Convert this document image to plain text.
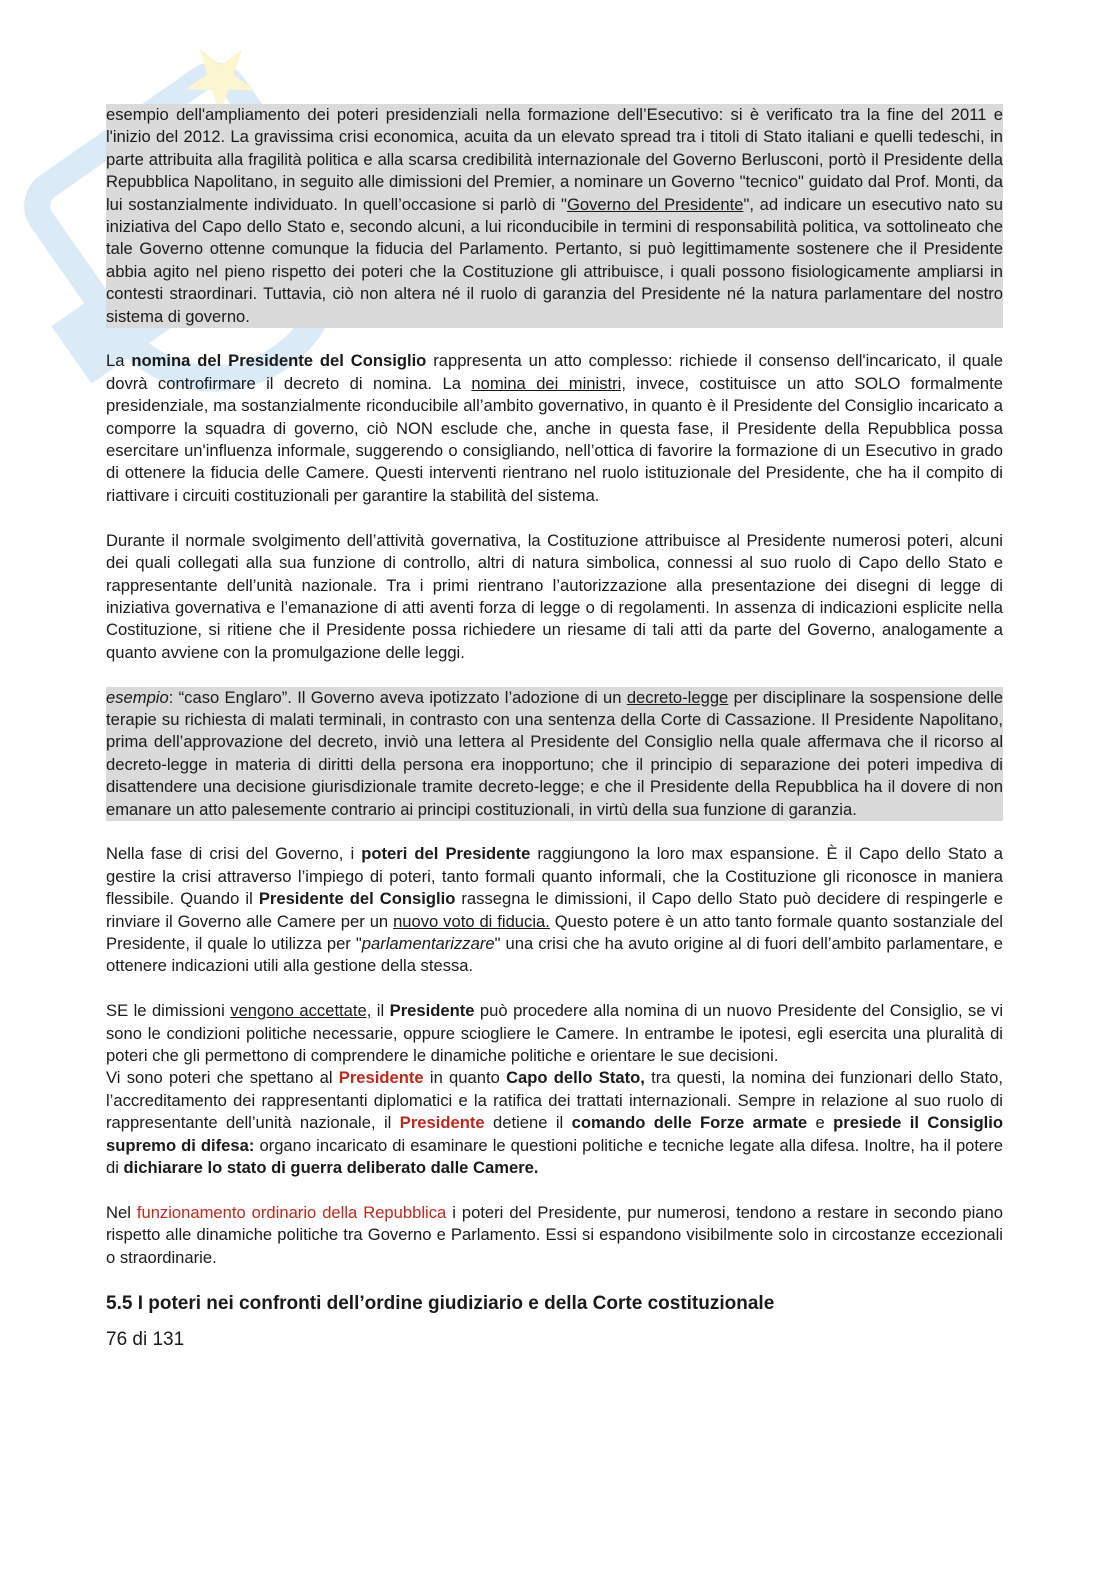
★

esempio dell'ampliamento dei poteri presidenziali nella formazione dell’Esecutivo: si è verificato tra la fine del 2011 e l'inizio del 2012. La gravissima crisi economica, acuita da un elevato spread tra i titoli di Stato italiani e quelli tedeschi, in parte attribuita alla fragilità politica e alla scarsa credibilità internazionale del Governo Berlusconi, portò il Presidente della Repubblica Napolitano, in seguito alle dimissioni del Premier, a nominare un Governo "tecnico" guidato dal Prof. Monti, da lui sostanzialmente individuato. In quell’occasione si parlò di "Governo del Presidente", ad indicare un esecutivo nato su iniziativa del Capo dello Stato e, secondo alcuni, a lui riconducibile in termini di responsabilità politica, va sottolineato che tale Governo ottenne comunque la fiducia del Parlamento. Pertanto, si può legittimamente sostenere che il Presidente abbia agito nel pieno rispetto dei poteri che la Costituzione gli attribuisce, i quali possono fisiologicamente ampliarsi in contesti straordinari. Tuttavia, ciò non altera né il ruolo di garanzia del Presidente né la natura parlamentare del nostro sistema di governo.

La nomina del Presidente del Consiglio rappresenta un atto complesso: richiede il consenso dell'incaricato, il quale dovrà controfirmare il decreto di nomina. La nomina dei ministri, invece, costituisce un atto SOLO formalmente presidenziale, ma sostanzialmente riconducibile all’ambito governativo, in quanto è il Presidente del Consiglio incaricato a comporre la squadra di governo, ciò NON esclude che, anche in questa fase, il Presidente della Repubblica possa esercitare un'influenza informale, suggerendo o consigliando, nell’ottica di favorire la formazione di un Esecutivo in grado di ottenere la fiducia delle Camere. Questi interventi rientrano nel ruolo istituzionale del Presidente, che ha il compito di riattivare i circuiti costituzionali per garantire la stabilità del sistema.

Durante il normale svolgimento dell’attività governativa, la Costituzione attribuisce al Presidente numerosi poteri, alcuni dei quali collegati alla sua funzione di controllo, altri di natura simbolica, connessi al suo ruolo di Capo dello Stato e rappresentante dell’unità nazionale. Tra i primi rientrano l’autorizzazione alla presentazione dei disegni di legge di iniziativa governativa e l’emanazione di atti aventi forza di legge o di regolamenti. In assenza di indicazioni esplicite nella Costituzione, si ritiene che il Presidente possa richiedere un riesame di tali atti da parte del Governo, analogamente a quanto avviene con la promulgazione delle leggi.

esempio: “caso Englaro”. Il Governo aveva ipotizzato l’adozione di un decreto-legge per disciplinare la sospensione delle terapie su richiesta di malati terminali, in contrasto con una sentenza della Corte di Cassazione. Il Presidente Napolitano, prima dell’approvazione del decreto, inviò una lettera al Presidente del Consiglio nella quale affermava che il ricorso al decreto-legge in materia di diritti della persona era inopportuno; che il principio di separazione dei poteri impediva di disattendere una decisione giurisdizionale tramite decreto-legge; e che il Presidente della Repubblica ha il dovere di non emanare un atto palesemente contrario ai principi costituzionali, in virtù della sua funzione di garanzia.

Nella fase di crisi del Governo, i poteri del Presidente raggiungono la loro max espansione. È il Capo dello Stato a gestire la crisi attraverso l’impiego di poteri, tanto formali quanto informali, che la Costituzione gli riconosce in maniera flessibile. Quando il Presidente del Consiglio rassegna le dimissioni, il Capo dello Stato può decidere di respingerle e rinviare il Governo alle Camere per un nuovo voto di fiducia. Questo potere è un atto tanto formale quanto sostanziale del Presidente, il quale lo utilizza per "parlamentarizzare" una crisi che ha avuto origine al di fuori dell’ambito parlamentare, e ottenere indicazioni utili alla gestione della stessa.

SE le dimissioni vengono accettate, il Presidente può procedere alla nomina di un nuovo Presidente del Consiglio, se vi sono le condizioni politiche necessarie, oppure sciogliere le Camere. In entrambe le ipotesi, egli esercita una pluralità di poteri che gli permettono di comprendere le dinamiche politiche e orientare le sue decisioni.

Vi sono poteri che spettano al Presidente in quanto Capo dello Stato, tra questi, la nomina dei funzionari dello Stato, l’accreditamento dei rappresentanti diplomatici e la ratifica dei trattati internazionali. Sempre in relazione al suo ruolo di rappresentante dell’unità nazionale, il Presidente detiene il comando delle Forze armate e presiede il Consiglio supremo di difesa: organo incaricato di esaminare le questioni politiche e tecniche legate alla difesa. Inoltre, ha il potere di dichiarare lo stato di guerra deliberato dalle Camere.

Nel funzionamento ordinario della Repubblica i poteri del Presidente, pur numerosi, tendono a restare in secondo piano rispetto alle dinamiche politiche tra Governo e Parlamento. Essi si espandono visibilmente solo in circostanze eccezionali o straordinarie.

5.5 I poteri nei confronti dell’ordine giudiziario e della Corte costituzionale
76 di 131
